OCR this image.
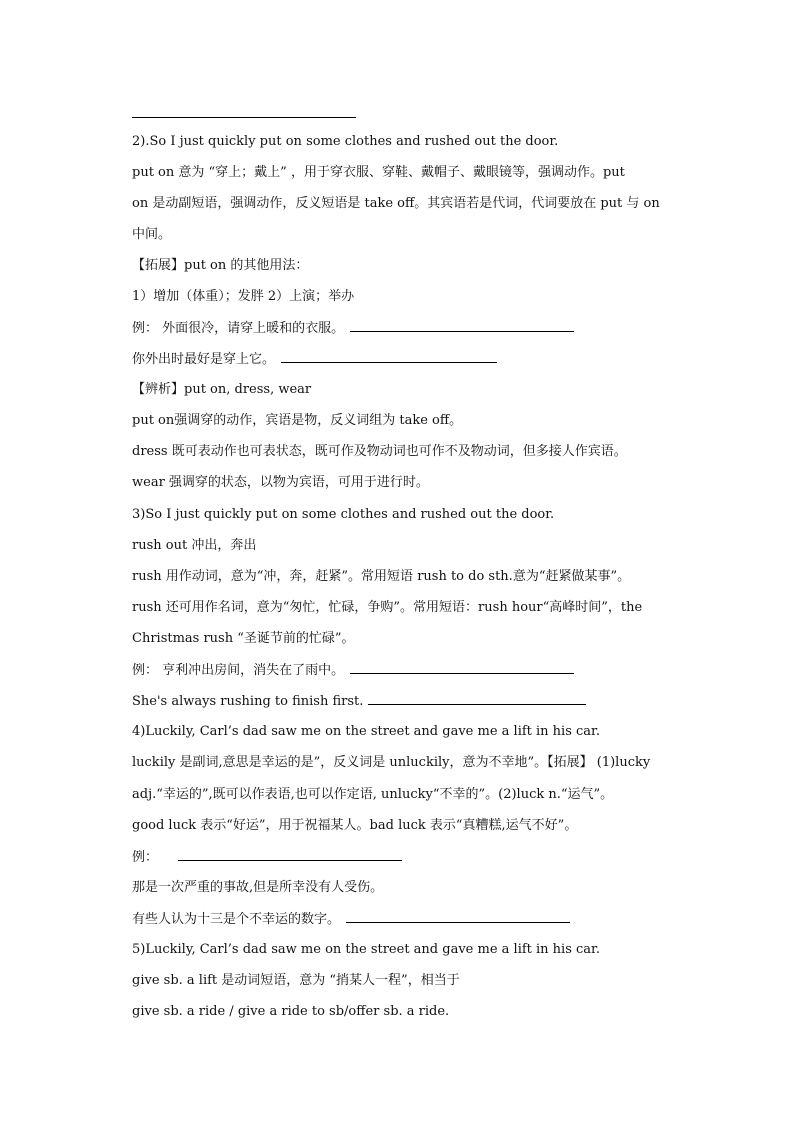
2).So I just quickly put on some clothes and rushed out the door.
put on 意为 “穿上；戴上” ，用于穿衣服、穿鞋、戴帽子、戴眼镜等，强调动作。put
on 是动副短语，强调动作，反义短语是 take off。其宾语若是代词，代词要放在 put 与 on
中间。
【拓展】put on 的其他用法：
1）增加（体重）；发胖 2）上演；举办
例： 外面很冷，请穿上暖和的衣服。
你外出时最好是穿上它。
【辨析】put on, dress, wear
put on强调穿的动作，宾语是物，反义词组为 take off。
dress 既可表动作也可表状态，既可作及物动词也可作不及物动词，但多接人作宾语。
wear 强调穿的状态，以物为宾语，可用于进行时。
3)So I just quickly put on some clothes and rushed out the door.
rush out 冲出，奔出
rush 用作动词，意为“冲，奔，赶紧”。常用短语 rush to do sth.意为“赶紧做某事”。
rush 还可用作名词，意为“匆忙，忙碌，争购”。常用短语：rush hour“高峰时间”，the
Christmas rush “圣诞节前的忙碌”。
例： 亨利冲出房间，消失在了雨中。
She's always rushing to finish first.
4)Luckily, Carl’s dad saw me on the street and gave me a lift in his car.
luckily 是副词,意思是幸运的是”，反义词是 unluckily，意为不幸地”。【拓展】 (1)lucky
adj.“幸运的”,既可以作表语,也可以作定语, unlucky“不幸的”。(2)luck n.“运气”。
good luck 表示“好运”，用于祝福某人。bad luck 表示“真糟糕,运气不好”。
例：
那是一次严重的事故,但是所幸没有人受伤。
有些人认为十三是个不幸运的数字。
5)Luckily, Carl’s dad saw me on the street and gave me a lift in his car.
give sb. a lift 是动词短语，意为 “捎某人一程”，相当于
give sb. a ride / give a ride to sb/offer sb. a ride.
